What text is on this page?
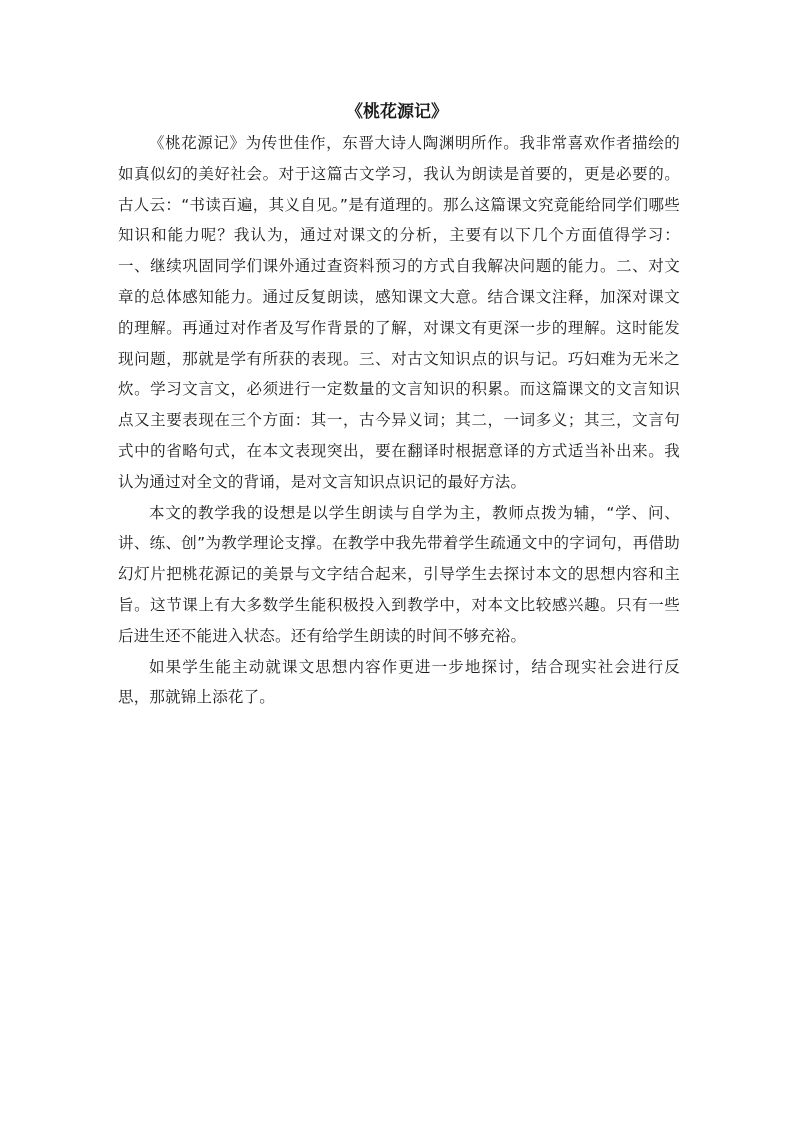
《桃花源记》

《桃花源记》为传世佳作，东晋大诗人陶渊明所作。我非常喜欢作者描绘的如真似幻的美好社会。对于这篇古文学习，我认为朗读是首要的，更是必要的。古人云：“书读百遍，其义自见。”是有道理的。那么这篇课文究竟能给同学们哪些知识和能力呢？我认为，通过对课文的分析，主要有以下几个方面值得学习：一、继续巩固同学们课外通过查资料预习的方式自我解决问题的能力。二、对文章的总体感知能力。通过反复朗读，感知课文大意。结合课文注释，加深对课文的理解。再通过对作者及写作背景的了解，对课文有更深一步的理解。这时能发现问题，那就是学有所获的表现。三、对古文知识点的识与记。巧妇难为无米之炊。学习文言文，必须进行一定数量的文言知识的积累。而这篇课文的文言知识点又主要表现在三个方面：其一，古今异义词；其二，一词多义；其三，文言句式中的省略句式，在本文表现突出，要在翻译时根据意译的方式适当补出来。我认为通过对全文的背诵，是对文言知识点识记的最好方法。

本文的教学我的设想是以学生朗读与自学为主，教师点拨为辅，“学、问、讲、练、创”为教学理论支撑。在教学中我先带着学生疏通文中的字词句，再借助幻灯片把桃花源记的美景与文字结合起来，引导学生去探讨本文的思想内容和主旨。这节课上有大多数学生能积极投入到教学中，对本文比较感兴趣。只有一些后进生还不能进入状态。还有给学生朗读的时间不够充裕。

如果学生能主动就课文思想内容作更进一步地探讨，结合现实社会进行反思，那就锦上添花了。
